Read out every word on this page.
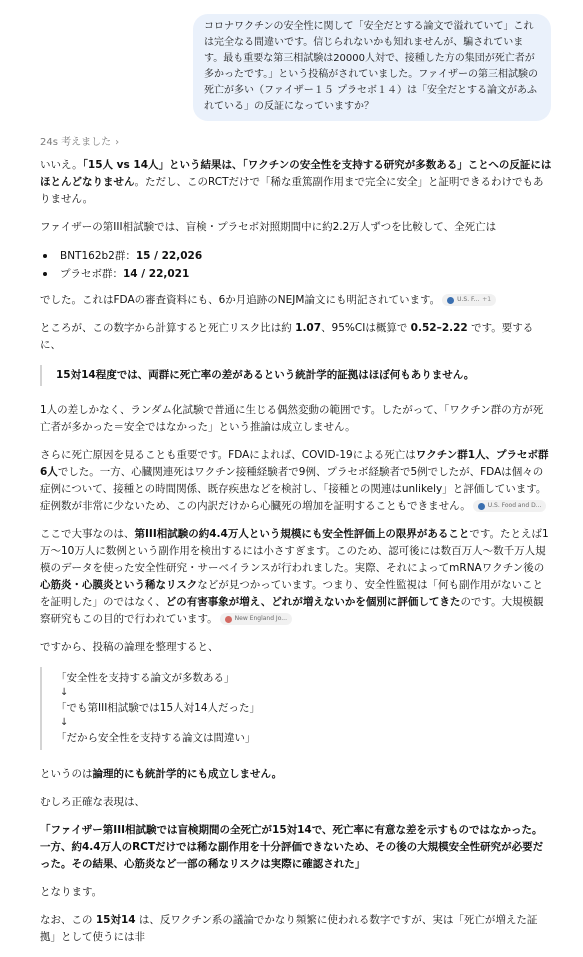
コロナワクチンの安全性に関して「安全だとする論文で溢れていて」これは完全なる間違いです。信じられないかも知れませんが、騙されています。最も重要な第三相試験は20000人対で、接種した方の集団が死亡者が多かったです。」という投稿がされていました。ファイザーの第三相試験の死亡が多い（ファイザー１５ プラセボ１４）は「安全だとする論文があふれている」の反証になっていますか？
24s 考えました ›

いいえ。「15人 vs 14人」という結果は、「ワクチンの安全性を支持する研究が多数ある」ことへの反証にはほとんどなりません。ただし、このRCTだけで「稀な重篤副作用まで完全に安全」と証明できるわけでもありません。

ファイザーの第III相試験では、盲検・プラセボ対照期間中に約2.2万人ずつを比較して、全死亡は

BNT162b2群：15 / 22,026
プラセボ群：14 / 22,021

でした。これはFDAの審査資料にも、6か月追跡のNEJM論文にも明記されています。	U.S. F... +1

ところが、この数字から計算すると死亡リスク比は約 1.07、95%CIは概算で 0.52–2.22 です。要するに、

15対14程度では、両群に死亡率の差があるという統計学的証拠はほぼ何もありません。

1人の差しかなく、ランダム化試験で普通に生じる偶然変動の範囲です。したがって、「ワクチン群の方が死亡者が多かった＝安全ではなかった」という推論は成立しません。

さらに死亡原因を見ることも重要です。FDAによれば、COVID-19による死亡はワクチン群1人、プラセボ群6人でした。一方、心臓関連死はワクチン接種経験者で9例、プラセボ経験者で5例でしたが、FDAは個々の症例について、接種との時間関係、既存疾患などを検討し、「接種との関連はunlikely」と評価しています。症例数が非常に少ないため、この内訳だけから心臓死の増加を証明することもできません。	U.S. Food and D...

ここで大事なのは、第III相試験の約4.4万人という規模にも安全性評価上の限界があることです。たとえば1万〜10万人に数例という副作用を検出するには小さすぎます。このため、認可後には数百万人〜数千万人規模のデータを使った安全性研究・サーベイランスが行われました。実際、それによってmRNAワクチン後の心筋炎・心膜炎という稀なリスクなどが見つかっています。つまり、安全性監視は「何も副作用がないことを証明した」のではなく、どの有害事象が増え、どれが増えないかを個別に評価してきたのです。大規模観察研究もこの目的で行われています。	New England Jo...

ですから、投稿の論理を整理すると、

「安全性を支持する論文が多数ある」
↓
「でも第III相試験では15人対14人だった」
↓
「だから安全性を支持する論文は間違い」

というのは論理的にも統計学的にも成立しません。

むしろ正確な表現は、

「ファイザー第III相試験では盲検期間の全死亡が15対14で、死亡率に有意な差を示すものではなかった。一方、約4.4万人のRCTだけでは稀な副作用を十分評価できないため、その後の大規模安全性研究が必要だった。その結果、心筋炎など一部の稀なリスクは実際に確認された」

となります。

なお、この 15対14 は、反ワクチン系の議論でかなり頻繁に使われる数字ですが、実は「死亡が増えた証拠」として使うには非
